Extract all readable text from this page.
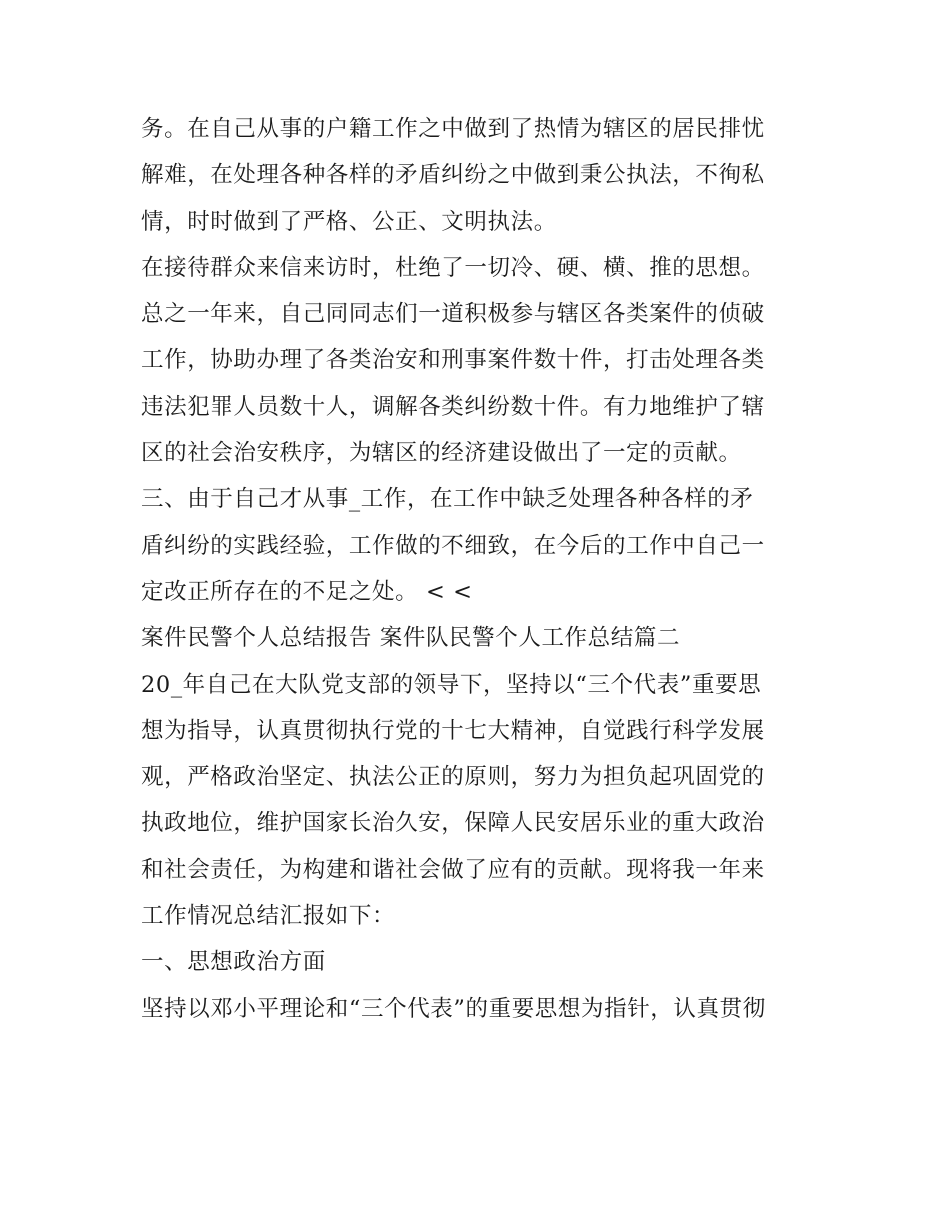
务。在自己从事的户籍工作之中做到了热情为辖区的居民排忧
解难，在处理各种各样的矛盾纠纷之中做到秉公执法，不徇私
情，时时做到了严格、公正、文明执法。

在接待群众来信来访时，杜绝了一切冷、硬、横、推的思想。
总之一年来，自己同同志们一道积极参与辖区各类案件的侦破
工作，协助办理了各类治安和刑事案件数十件，打击处理各类
违法犯罪人员数十人，调解各类纠纷数十件。有力地维护了辖
区的社会治安秩序，为辖区的经济建设做出了一定的贡献。

三、由于自己才从事_工作，在工作中缺乏处理各种各样的矛
盾纠纷的实践经验，工作做的不细致，在今后的工作中自己一
定改正所存在的不足之处。 < <

案件民警个人总结报告 案件队民警个人工作总结篇二

20_年自己在大队党支部的领导下，坚持以“三个代表”重要思
想为指导，认真贯彻执行党的十七大精神，自觉践行科学发展
观，严格政治坚定、执法公正的原则，努力为担负起巩固党的
执政地位，维护国家长治久安，保障人民安居乐业的重大政治
和社会责任，为构建和谐社会做了应有的贡献。现将我一年来
工作情况总结汇报如下：

一、思想政治方面

坚持以邓小平理论和“三个代表”的重要思想为指针，认真贯彻
